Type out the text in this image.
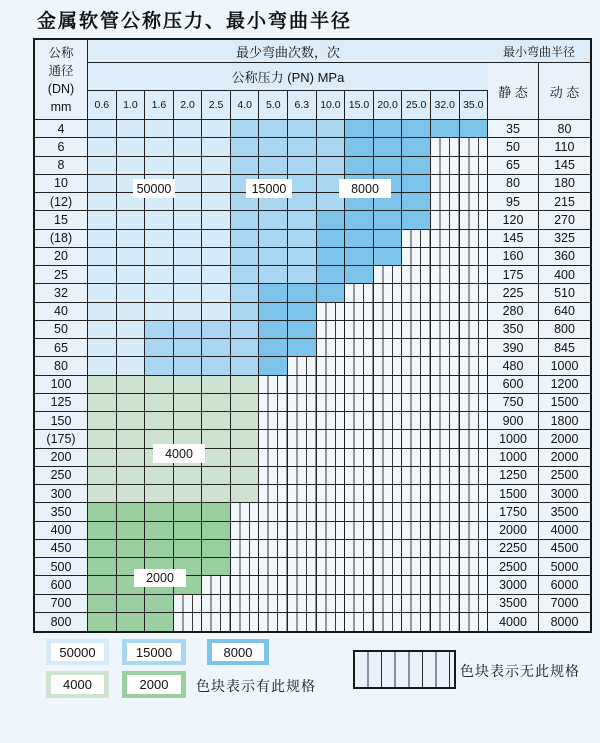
金属软管公称压力、最小弯曲半径
公称
通径
(DN)
mm
最少弯曲次数，次
公称压力 (PN) MPa
0.6	1.0	1.6	2.0	2.5	4.0	5.0	6.3	10.0 15.0 20.0 25.0 32.0 35.0
最小弯曲半径
静 态	动 态
4	35	80
6	50	110
8	65	145
10	80	180
(12)	95	215
15	120	270
(18)	145	325
20	160	360
25	175	400
32	225	510
40	280	640
50	350	800
65	390	845
80	480	1000
100	600	1200
125	750	1500
150	900	1800
(175)	1000	2000
200	1000	2000
250	1250	2500
300	1500	3000
350	1750	3500
400	2000	4000
450	2250	4500
500	2500	5000
600	3000	6000
700	3500	7000
800	4000	8000
50000	15000	8000
4000
2000
50000	15000	8000
4000	2000	色块表示有此规格
色块表示无此规格
